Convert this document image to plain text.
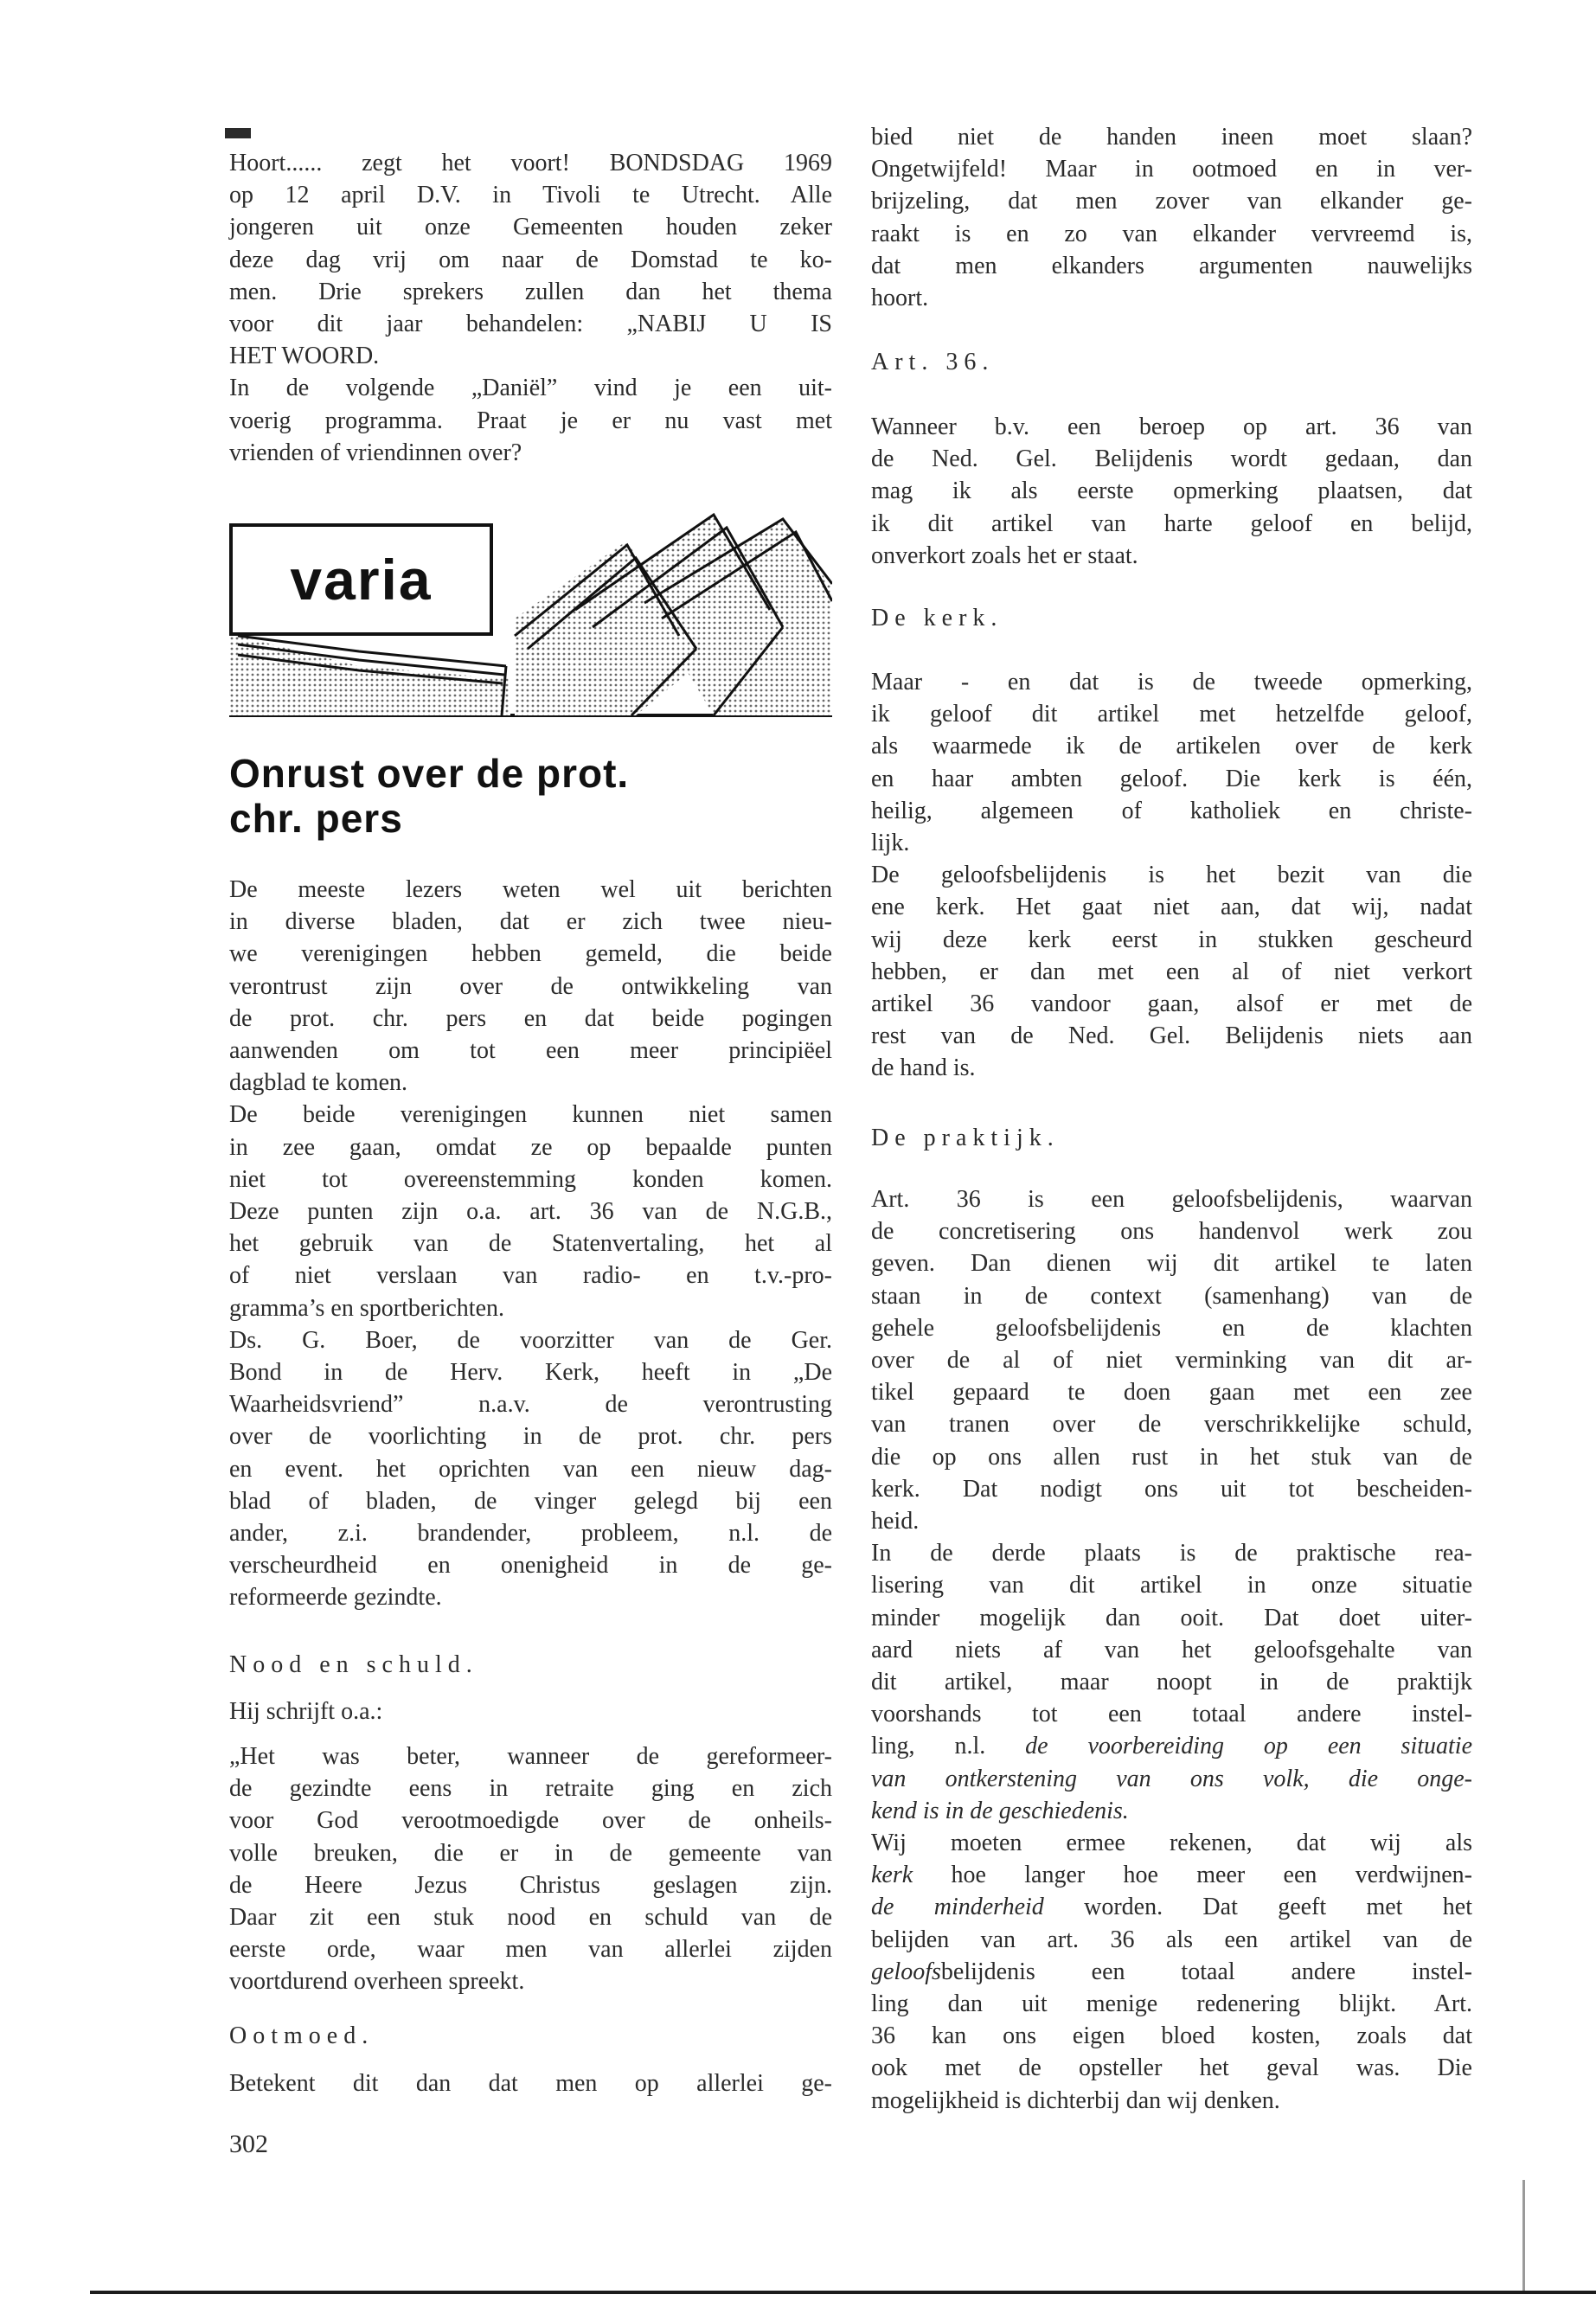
Hoort...... zegt het voort! BONDSDAG 1969

op 12 april D.V. in Tivoli te Utrecht. Alle

jongeren uit onze Gemeenten houden zeker

deze dag vrij om naar de Domstad te ko-

men. Drie sprekers zullen dan het thema

voor dit jaar behandelen: „NABIJ U IS

HET WOORD.

In de volgende „Daniël” vind je een uit-

voerig programma. Praat je er nu vast met

vrienden of vriendinnen over?

varia

Onrust over de prot.

chr. pers

De meeste lezers weten wel uit berichten

in diverse bladen, dat er zich twee nieu-

we verenigingen hebben gemeld, die beide

verontrust zijn over de ontwikkeling van

de prot. chr. pers en dat beide pogingen

aanwenden om tot een meer principiëel

dagblad te komen.

De beide verenigingen kunnen niet samen

in zee gaan, omdat ze op bepaalde punten

niet tot overeenstemming konden komen.

Deze punten zijn o.a. art. 36 van de N.G.B.,

het gebruik van de Statenvertaling, het al

of niet verslaan van radio- en t.v.-pro-

gramma’s en sportberichten.

Ds. G. Boer, de voorzitter van de Ger.

Bond in de Herv. Kerk, heeft in „De

Waarheidsvriend” n.a.v. de verontrusting

over de voorlichting in de prot. chr. pers

en event. het oprichten van een nieuw dag-

blad of bladen, de vinger gelegd bij een

ander, z.i. brandender, probleem, n.l. de

verscheurdheid en onenigheid in de ge-

reformeerde gezindte.

Nood en schuld.

Hij schrijft o.a.:

„Het was beter, wanneer de gereformeer-

de gezindte eens in retraite ging en zich

voor God verootmoedigde over de onheils-

volle breuken, die er in de gemeente van

de Heere Jezus Christus geslagen zijn.

Daar zit een stuk nood en schuld van de

eerste orde, waar men van allerlei zijden

voortdurend overheen spreekt.

Ootmoed.

Betekent dit dan dat men op allerlei ge-

302

bied niet de handen ineen moet slaan?

Ongetwijfeld! Maar in ootmoed en in ver-

brijzeling, dat men zover van elkander ge-

raakt is en zo van elkander vervreemd is,

dat men elkanders argumenten nauwelijks

hoort.

Art. 36.

Wanneer b.v. een beroep op art. 36 van

de Ned. Gel. Belijdenis wordt gedaan, dan

mag ik als eerste opmerking plaatsen, dat

ik dit artikel van harte geloof en belijd,

onverkort zoals het er staat.

De kerk.

Maar - en dat is de tweede opmerking,

ik geloof dit artikel met hetzelfde geloof,

als waarmede ik de artikelen over de kerk

en haar ambten geloof. Die kerk is één,

heilig, algemeen of katholiek en christe-

lijk.

De geloofsbelijdenis is het bezit van die

ene kerk. Het gaat niet aan, dat wij, nadat

wij deze kerk eerst in stukken gescheurd

hebben, er dan met een al of niet verkort

artikel 36 vandoor gaan, alsof er met de

rest van de Ned. Gel. Belijdenis niets aan

de hand is.

De praktijk.

Art. 36 is een geloofsbelijdenis, waarvan

de concretisering ons handenvol werk zou

geven. Dan dienen wij dit artikel te laten

staan in de context (samenhang) van de

gehele geloofsbelijdenis en de klachten

over de al of niet verminking van dit ar-

tikel gepaard te doen gaan met een zee

van tranen over de verschrikkelijke schuld,

die op ons allen rust in het stuk van de

kerk. Dat nodigt ons uit tot bescheiden-

heid.

In de derde plaats is de praktische rea-

lisering van dit artikel in onze situatie

minder mogelijk dan ooit. Dat doet uiter-

aard niets af van het geloofsgehalte van

dit artikel, maar noopt in de praktijk

voorshands tot een totaal andere instel-

ling, n.l. de voorbereiding op een situatie

van ontkerstening van ons volk, die onge-

kend is in de geschiedenis.

Wij moeten ermee rekenen, dat wij als

kerk hoe langer hoe meer een verdwijnen-

de minderheid worden. Dat geeft met het

belijden van art. 36 als een artikel van de

geloofsbelijdenis een totaal andere instel-

ling dan uit menige redenering blijkt. Art.

36 kan ons eigen bloed kosten, zoals dat

ook met de opsteller het geval was. Die

mogelijkheid is dichterbij dan wij denken.
